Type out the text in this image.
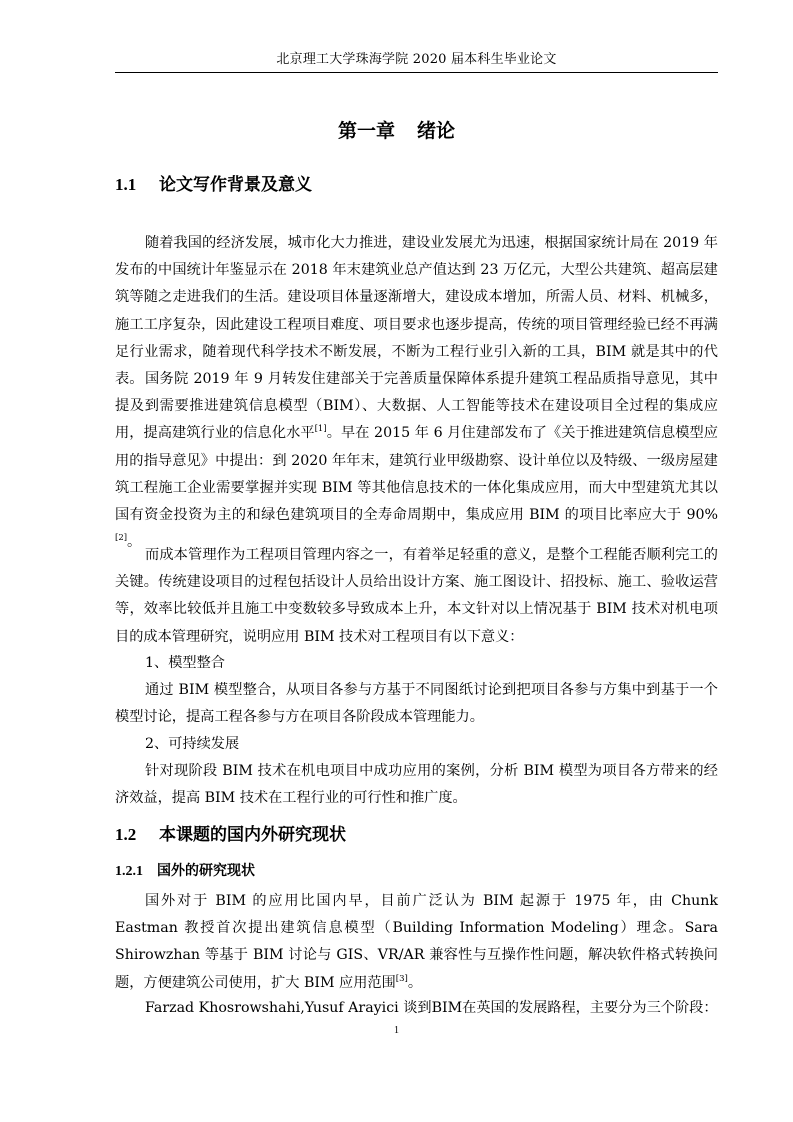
北京理工大学珠海学院 2020 届本科生毕业论文
第一章 绪论
1.1 论文写作背景及意义
随着我国的经济发展，城市化大力推进，建设业发展尤为迅速，根据国家统计局在 2019 年发布的中国统计年鉴显示在 2018 年末建筑业总产值达到 23 万亿元，大型公共建筑、超高层建筑等随之走进我们的生活。建设项目体量逐渐增大，建设成本增加，所需人员、材料、机械多，施工工序复杂，因此建设工程项目难度、项目要求也逐步提高，传统的项目管理经验已经不再满足行业需求，随着现代科学技术不断发展，不断为工程行业引入新的工具，BIM 就是其中的代表。 国务院 2019 年 9 月转发住建部关于完善质量保障体系提升建筑工程品质指导意见，其中提及到需要推进建筑信息模型（BIM）、大数据、人工智能等技术在建设项目全过程的集成应用，提高建筑行业的信息化水平[1]。早在 2015 年 6 月住建部发布了《关于推进建筑信息模型应用的指导意见》中提出：到 2020 年年末，建筑行业甲级勘察、设计单位以及特级、一级房屋建筑工程施工企业需要掌握并实现 BIM 等其他信息技术的一体化集成应用，而大中型建筑尤其以国有资金投资为主的和绿色建筑项目的全寿命周期中，集成应用 BIM 的项目比率应大于 90%[2]。
而成本管理作为工程项目管理内容之一，有着举足轻重的意义，是整个工程能否顺利完工的关键。传统建设项目的过程包括设计人员给出设计方案、施工图设计、招投标、施工、验收运营等，效率比较低并且施工中变数较多导致成本上升，本文针对以上情况基于 BIM 技术对机电项目的成本管理研究，说明应用 BIM 技术对工程项目有以下意义：
1、模型整合
通过 BIM 模型整合，从项目各参与方基于不同图纸讨论到把项目各参与方集中到基于一个模型讨论，提高工程各参与方在项目各阶段成本管理能力。
2、可持续发展
针对现阶段 BIM 技术在机电项目中成功应用的案例，分析 BIM 模型为项目各方带来的经济效益，提高 BIM 技术在工程行业的可行性和推广度。
1.2 本课题的国内外研究现状
1.2.1 国外的研究现状
国外对于 BIM 的应用比国内早，目前广泛认为 BIM 起源于 1975 年，由 Chunk Eastman 教授首次提出建筑信息模型（Building Information Modeling）理念。Sara Shirowzhan 等基于 BIM 讨论与 GIS、VR/AR 兼容性与互操作性问题，解决软件格式转换问题，方便建筑公司使用，扩大 BIM 应用范围[3]。
Farzad Khosrowshahi,Yusuf Arayici 谈到BIM在英国的发展路程，主要分为三个阶段：
1
